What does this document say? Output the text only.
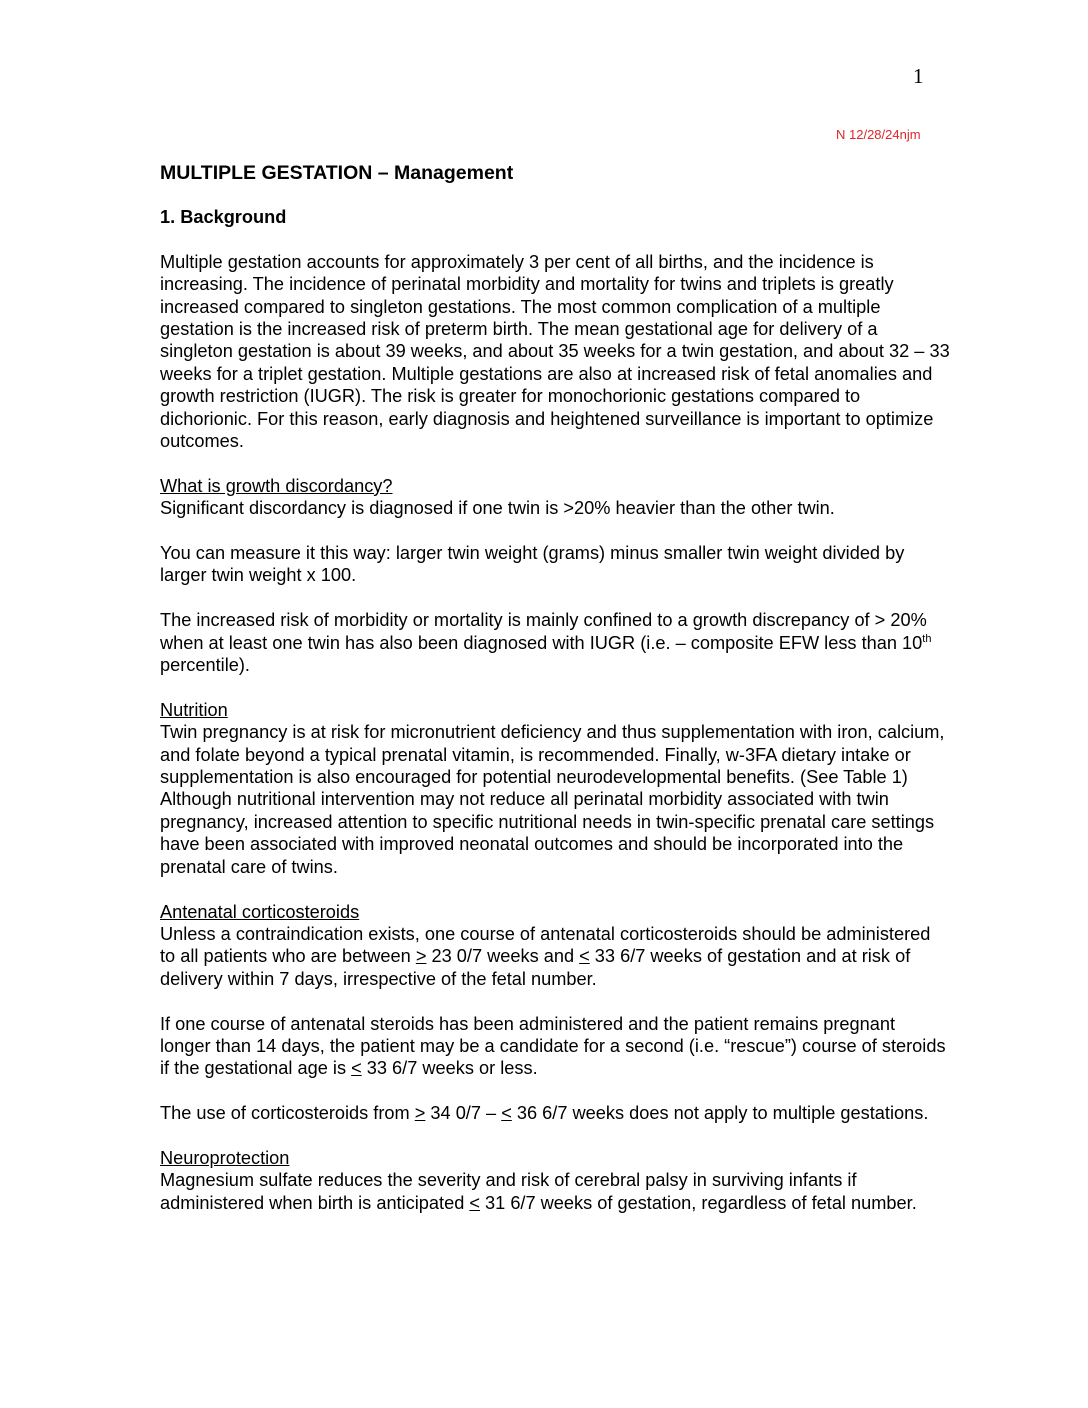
1
N 12/28/24njm
MULTIPLE GESTATION – Management
1. Background

Multiple gestation accounts for approximately 3 per cent of all births, and the incidence is increasing. The incidence of perinatal morbidity and mortality for twins and triplets is greatly increased compared to singleton gestations. The most common complication of a multiple gestation is the increased risk of preterm birth. The mean gestational age for delivery of a singleton gestation is about 39 weeks, and about 35 weeks for a twin gestation, and about 32 – 33 weeks for a triplet gestation. Multiple gestations are also at increased risk of fetal anomalies and growth restriction (IUGR). The risk is greater for monochorionic gestations compared to dichorionic. For this reason, early diagnosis and heightened surveillance is important to optimize outcomes.

What is growth discordancy?

Significant discordancy is diagnosed if one twin is >20% heavier than the other twin.

You can measure it this way: larger twin weight (grams) minus smaller twin weight divided by larger twin weight x 100.

The increased risk of morbidity or mortality is mainly confined to a growth discrepancy of > 20% when at least one twin has also been diagnosed with IUGR (i.e. – composite EFW less than 10th percentile).

Nutrition

Twin pregnancy is at risk for micronutrient deficiency and thus supplementation with iron, calcium, and folate beyond a typical prenatal vitamin, is recommended. Finally, w-3FA dietary intake or supplementation is also encouraged for potential neurodevelopmental benefits. (See Table 1) Although nutritional intervention may not reduce all perinatal morbidity associated with twin pregnancy, increased attention to specific nutritional needs in twin-specific prenatal care settings have been associated with improved neonatal outcomes and should be incorporated into the prenatal care of twins.

Antenatal corticosteroids

Unless a contraindication exists, one course of antenatal corticosteroids should be administered to all patients who are between > 23 0/7 weeks and < 33 6/7 weeks of gestation and at risk of delivery within 7 days, irrespective of the fetal number.

If one course of antenatal steroids has been administered and the patient remains pregnant longer than 14 days, the patient may be a candidate for a second (i.e. “rescue”) course of steroids if the gestational age is < 33 6/7 weeks or less.

The use of corticosteroids from > 34 0/7 – < 36 6/7 weeks does not apply to multiple gestations.

Neuroprotection

Magnesium sulfate reduces the severity and risk of cerebral palsy in surviving infants if administered when birth is anticipated < 31 6/7 weeks of gestation, regardless of fetal number.
